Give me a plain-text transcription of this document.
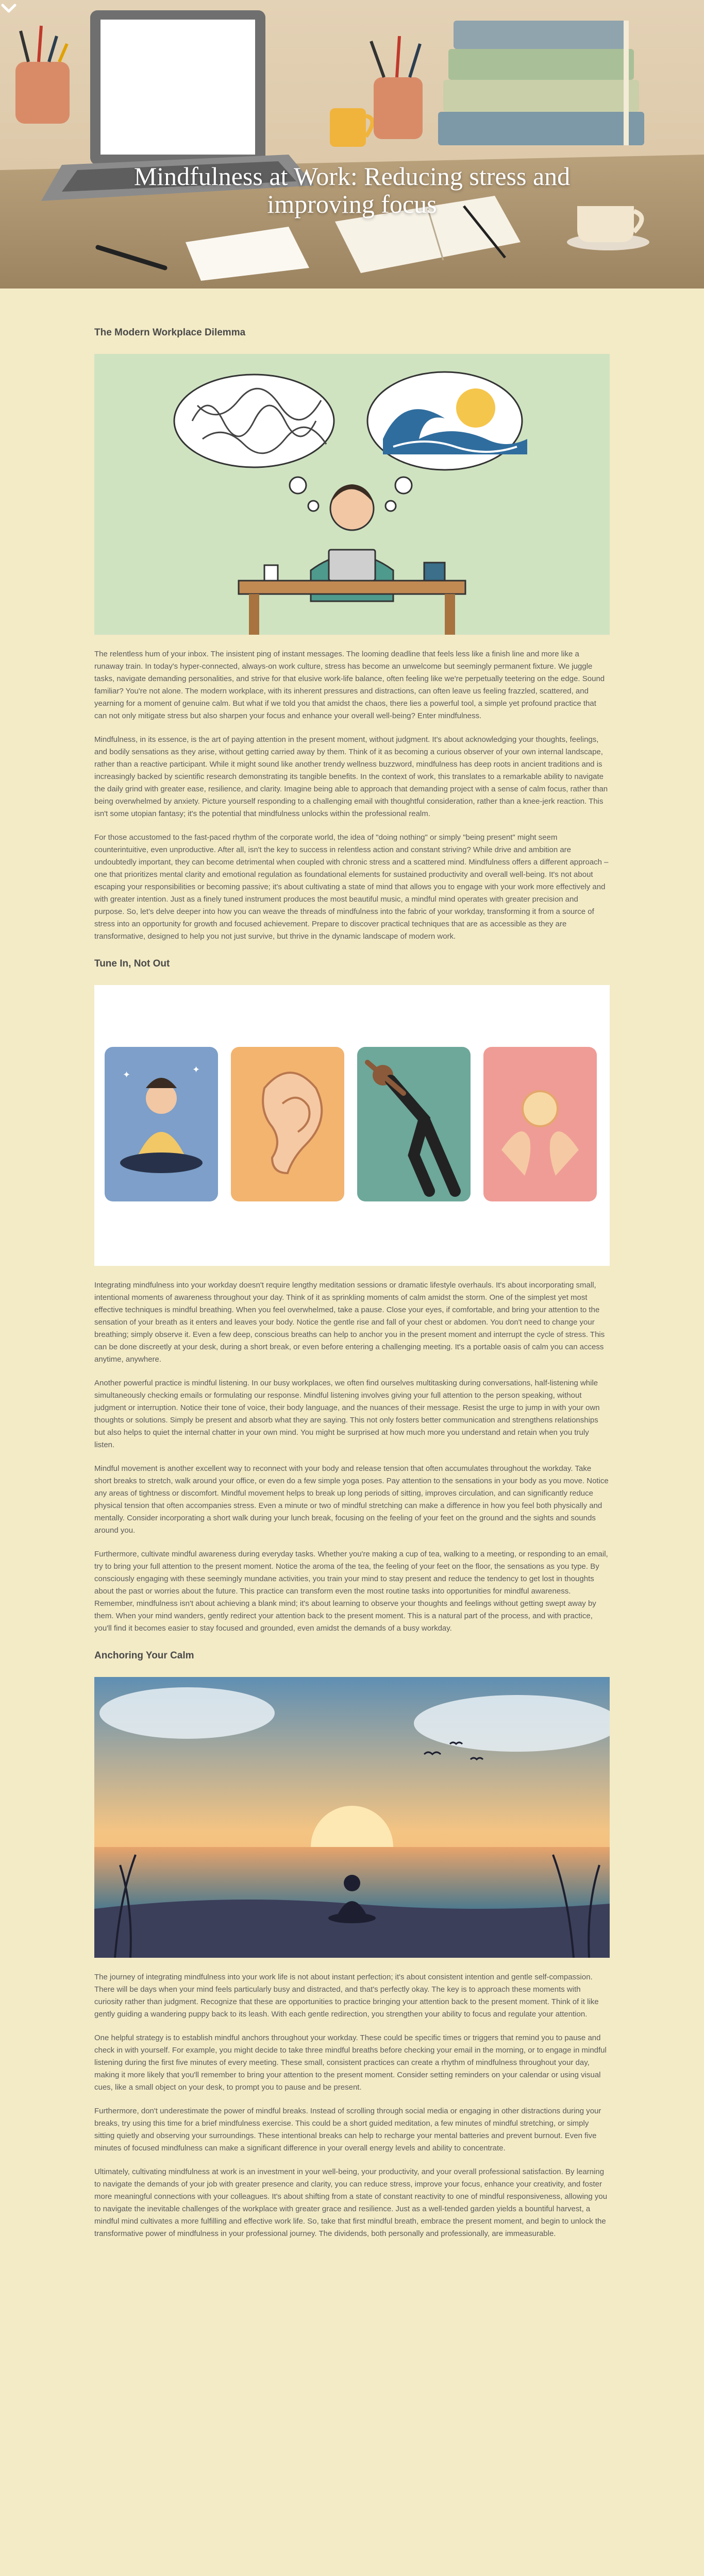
Mindfulness at Work: Reducing stress and improving focus
The Modern Workplace Dilemma

The relentless hum of your inbox. The insistent ping of instant messages. The looming deadline that feels less like a finish line and more like a runaway train. In today's hyper-connected, always-on work culture, stress has become an unwelcome but seemingly permanent fixture. We juggle tasks, navigate demanding personalities, and strive for that elusive work-life balance, often feeling like we're perpetually teetering on the edge. Sound familiar? You're not alone. The modern workplace, with its inherent pressures and distractions, can often leave us feeling frazzled, scattered, and yearning for a moment of genuine calm. But what if we told you that amidst the chaos, there lies a powerful tool, a simple yet profound practice that can not only mitigate stress but also sharpen your focus and enhance your overall well-being? Enter mindfulness.

Mindfulness, in its essence, is the art of paying attention in the present moment, without judgment. It's about acknowledging your thoughts, feelings, and bodily sensations as they arise, without getting carried away by them. Think of it as becoming a curious observer of your own internal landscape, rather than a reactive participant. While it might sound like another trendy wellness buzzword, mindfulness has deep roots in ancient traditions and is increasingly backed by scientific research demonstrating its tangible benefits. In the context of work, this translates to a remarkable ability to navigate the daily grind with greater ease, resilience, and clarity. Imagine being able to approach that demanding project with a sense of calm focus, rather than being overwhelmed by anxiety. Picture yourself responding to a challenging email with thoughtful consideration, rather than a knee-jerk reaction. This isn't some utopian fantasy; it's the potential that mindfulness unlocks within the professional realm.

For those accustomed to the fast-paced rhythm of the corporate world, the idea of "doing nothing" or simply "being present" might seem counterintuitive, even unproductive. After all, isn't the key to success in relentless action and constant striving? While drive and ambition are undoubtedly important, they can become detrimental when coupled with chronic stress and a scattered mind. Mindfulness offers a different approach – one that prioritizes mental clarity and emotional regulation as foundational elements for sustained productivity and overall well-being. It's not about escaping your responsibilities or becoming passive; it's about cultivating a state of mind that allows you to engage with your work more effectively and with greater intention. Just as a finely tuned instrument produces the most beautiful music, a mindful mind operates with greater precision and purpose. So, let's delve deeper into how you can weave the threads of mindfulness into the fabric of your workday, transforming it from a source of stress into an opportunity for growth and focused achievement. Prepare to discover practical techniques that are as accessible as they are transformative, designed to help you not just survive, but thrive in the dynamic landscape of modern work.

Tune In, Not Out
✦	✦

Integrating mindfulness into your workday doesn't require lengthy meditation sessions or dramatic lifestyle overhauls. It's about incorporating small, intentional moments of awareness throughout your day. Think of it as sprinkling moments of calm amidst the storm. One of the simplest yet most effective techniques is mindful breathing. When you feel overwhelmed, take a pause. Close your eyes, if comfortable, and bring your attention to the sensation of your breath as it enters and leaves your body. Notice the gentle rise and fall of your chest or abdomen. You don't need to change your breathing; simply observe it. Even a few deep, conscious breaths can help to anchor you in the present moment and interrupt the cycle of stress. This can be done discreetly at your desk, during a short break, or even before entering a challenging meeting. It's a portable oasis of calm you can access anytime, anywhere.

Another powerful practice is mindful listening. In our busy workplaces, we often find ourselves multitasking during conversations, half-listening while simultaneously checking emails or formulating our response. Mindful listening involves giving your full attention to the person speaking, without judgment or interruption. Notice their tone of voice, their body language, and the nuances of their message. Resist the urge to jump in with your own thoughts or solutions. Simply be present and absorb what they are saying. This not only fosters better communication and strengthens relationships but also helps to quiet the internal chatter in your own mind. You might be surprised at how much more you understand and retain when you truly listen.

Mindful movement is another excellent way to reconnect with your body and release tension that often accumulates throughout the workday. Take short breaks to stretch, walk around your office, or even do a few simple yoga poses. Pay attention to the sensations in your body as you move. Notice any areas of tightness or discomfort. Mindful movement helps to break up long periods of sitting, improves circulation, and can significantly reduce physical tension that often accompanies stress. Even a minute or two of mindful stretching can make a difference in how you feel both physically and mentally. Consider incorporating a short walk during your lunch break, focusing on the feeling of your feet on the ground and the sights and sounds around you.

Furthermore, cultivate mindful awareness during everyday tasks. Whether you're making a cup of tea, walking to a meeting, or responding to an email, try to bring your full attention to the present moment. Notice the aroma of the tea, the feeling of your feet on the floor, the sensations as you type. By consciously engaging with these seemingly mundane activities, you train your mind to stay present and reduce the tendency to get lost in thoughts about the past or worries about the future. This practice can transform even the most routine tasks into opportunities for mindful awareness. Remember, mindfulness isn't about achieving a blank mind; it's about learning to observe your thoughts and feelings without getting swept away by them. When your mind wanders, gently redirect your attention back to the present moment. This is a natural part of the process, and with practice, you'll find it becomes easier to stay focused and grounded, even amidst the demands of a busy workday.

Anchoring Your Calm

The journey of integrating mindfulness into your work life is not about instant perfection; it's about consistent intention and gentle self-compassion. There will be days when your mind feels particularly busy and distracted, and that's perfectly okay. The key is to approach these moments with curiosity rather than judgment. Recognize that these are opportunities to practice bringing your attention back to the present moment. Think of it like gently guiding a wandering puppy back to its leash. With each gentle redirection, you strengthen your ability to focus and regulate your attention.

One helpful strategy is to establish mindful anchors throughout your workday. These could be specific times or triggers that remind you to pause and check in with yourself. For example, you might decide to take three mindful breaths before checking your email in the morning, or to engage in mindful listening during the first five minutes of every meeting. These small, consistent practices can create a rhythm of mindfulness throughout your day, making it more likely that you'll remember to bring your attention to the present moment. Consider setting reminders on your calendar or using visual cues, like a small object on your desk, to prompt you to pause and be present.

Furthermore, don't underestimate the power of mindful breaks. Instead of scrolling through social media or engaging in other distractions during your breaks, try using this time for a brief mindfulness exercise. This could be a short guided meditation, a few minutes of mindful stretching, or simply sitting quietly and observing your surroundings. These intentional breaks can help to recharge your mental batteries and prevent burnout. Even five minutes of focused mindfulness can make a significant difference in your overall energy levels and ability to concentrate.

Ultimately, cultivating mindfulness at work is an investment in your well-being, your productivity, and your overall professional satisfaction. By learning to navigate the demands of your job with greater presence and clarity, you can reduce stress, improve your focus, enhance your creativity, and foster more meaningful connections with your colleagues. It's about shifting from a state of constant reactivity to one of mindful responsiveness, allowing you to navigate the inevitable challenges of the workplace with greater grace and resilience. Just as a well-tended garden yields a bountiful harvest, a mindful mind cultivates a more fulfilling and effective work life. So, take that first mindful breath, embrace the present moment, and begin to unlock the transformative power of mindfulness in your professional journey. The dividends, both personally and professionally, are immeasurable.
